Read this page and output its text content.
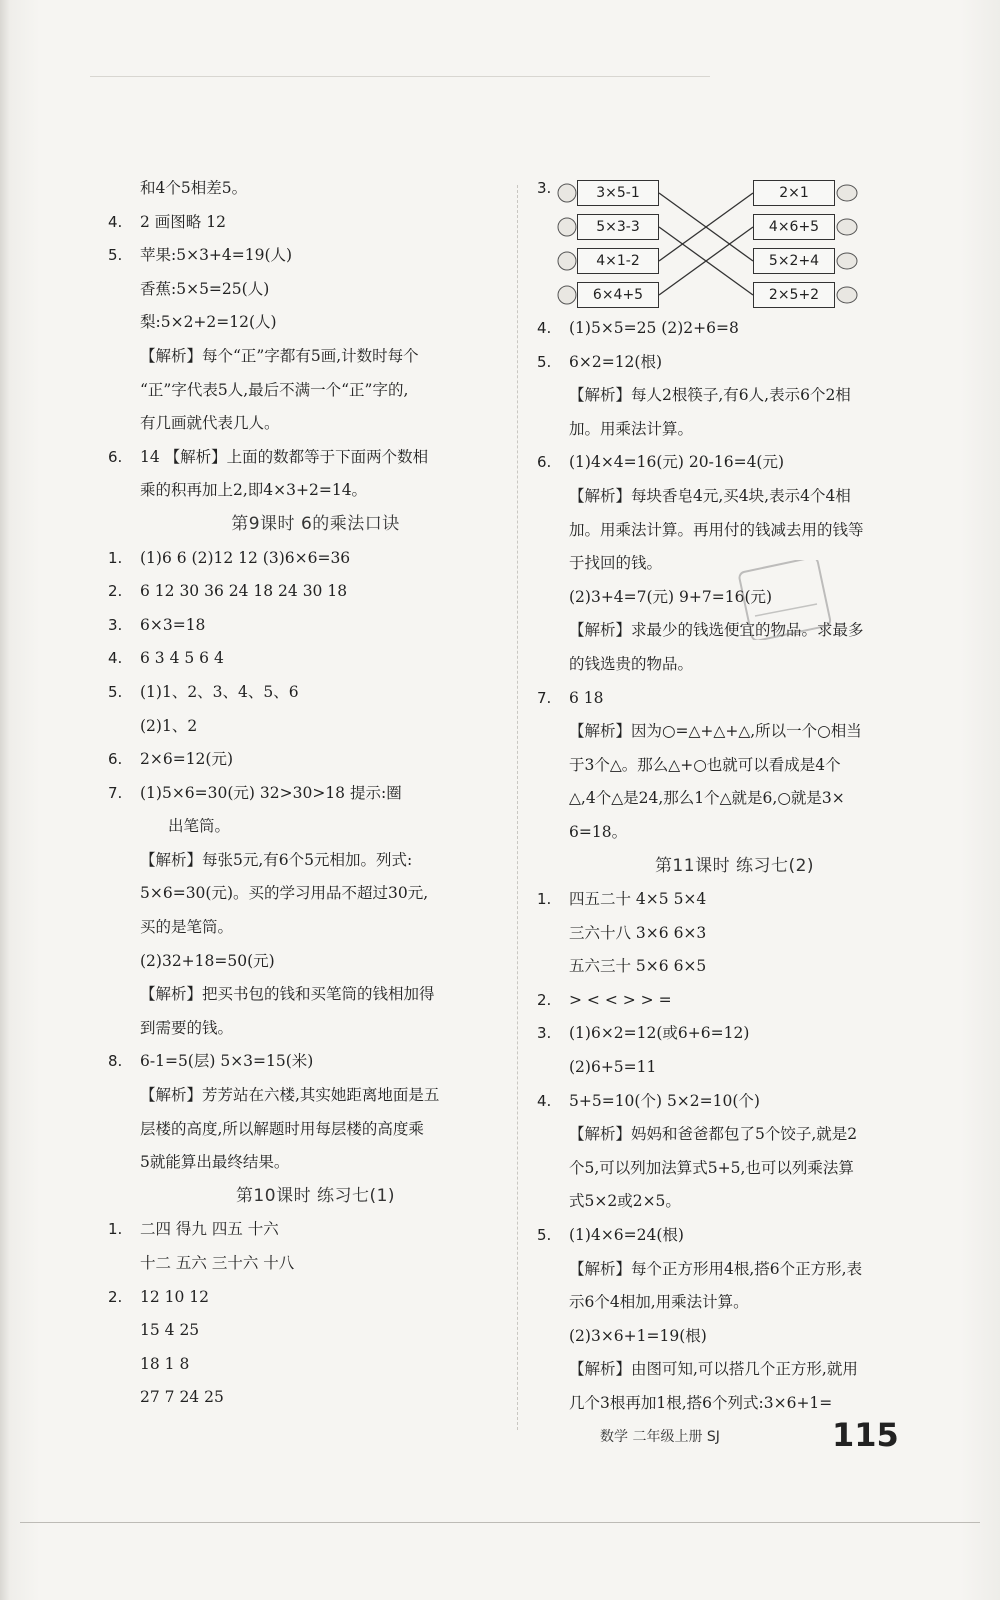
和4个5相差5。
4.	2 画图略 12
5.	苹果:5×3+4=19(人)
香蕉:5×5=25(人)
梨:5×2+2=12(人)
【解析】每个“正”字都有5画,计数时每个
“正”字代表5人,最后不满一个“正”字的,
有几画就代表几人。
6.	14 【解析】上面的数都等于下面两个数相
乘的积再加上2,即4×3+2=14。
第9课时 6的乘法口诀
1.	(1)6 6 (2)12 12 (3)6×6=36
2.	6 12 30 36 24 18 24 30 18
3.	6×3=18
4.	6 3 4 5 6 4
5.	(1)1、2、3、4、5、6
(2)1、2
6.	2×6=12(元)
7.	(1)5×6=30(元) 32>30>18 提示:圈
出笔筒。
【解析】每张5元,有6个5元相加。列式:
5×6=30(元)。买的学习用品不超过30元,
买的是笔筒。
(2)32+18=50(元)
【解析】把买书包的钱和买笔筒的钱相加得
到需要的钱。
8.	6-1=5(层) 5×3=15(米)
【解析】芳芳站在六楼,其实她距离地面是五
层楼的高度,所以解题时用每层楼的高度乘
5就能算出最终结果。
第10课时 练习七(1)
1.	二四 得九 四五 十六
十二 五六 三十六 十八
2.	12 10 12
15 4 25
18 1 8
27 7 24 25
3.	3×5-1
5×3-3
4×1-2
6×4+5
2×1
4×6+5
5×2+4
2×5+2
4.	(1)5×5=25 (2)2+6=8
5.	6×2=12(根)
【解析】每人2根筷子,有6人,表示6个2相
加。用乘法计算。
6.	(1)4×4=16(元) 20-16=4(元)
【解析】每块香皂4元,买4块,表示4个4相
加。用乘法计算。再用付的钱减去用的钱等
于找回的钱。
(2)3+4=7(元) 9+7=16(元)
【解析】求最少的钱选便宜的物品。求最多
的钱选贵的物品。
7.	6 18
【解析】因为○=△+△+△,所以一个○相当
于3个△。那么△+○也就可以看成是4个
△,4个△是24,那么1个△就是6,○就是3×
6=18。
第11课时 练习七(2)
1.	四五二十 4×5 5×4
三六十八 3×6 6×3
五六三十 5×6 6×5
2.	> < < > > =
3.	(1)6×2=12(或6+6=12)
(2)6+5=11
4.	5+5=10(个) 5×2=10(个)
【解析】妈妈和爸爸都包了5个饺子,就是2
个5,可以列加法算式5+5,也可以列乘法算
式5×2或2×5。
5.	(1)4×6=24(根)
【解析】每个正方形用4根,搭6个正方形,表
示6个4相加,用乘法计算。
(2)3×6+1=19(根)
【解析】由图可知,可以搭几个正方形,就用
几个3根再加1根,搭6个列式:3×6+1=
数学 二年级上册 SJ	115
